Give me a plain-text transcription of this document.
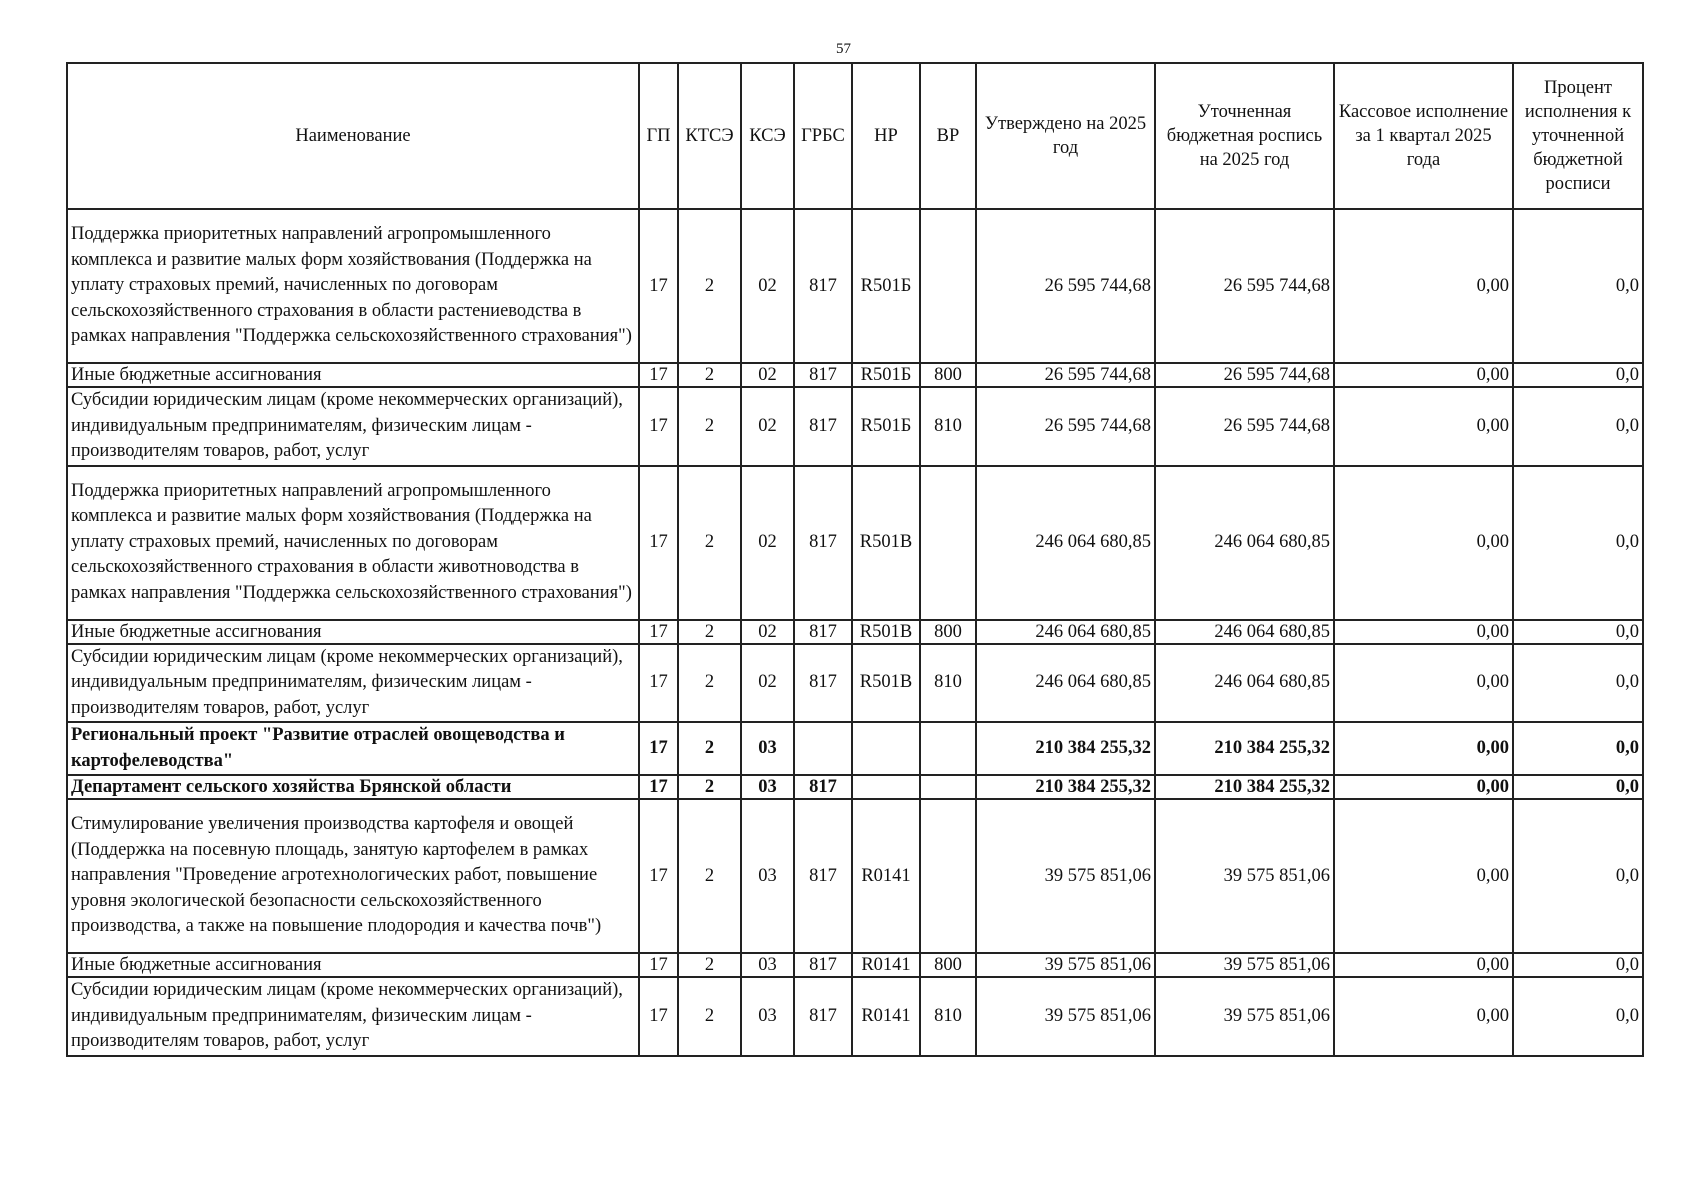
57
Наименование	ГП	КТСЭ	КСЭ	ГРБС	НР	ВР	Утверждено на 2025 год	Уточненная бюджетная роспись на 2025 год	Кассовое исполнение за 1 квартал 2025 года	Процент исполнения к уточненной бюджетной росписи
Поддержка приоритетных направлений агропромышленного комплекса и развитие малых форм хозяйствования (Поддержка на уплату страховых премий, начисленных по договорам сельскохозяйственного страхования в области растениеводства в рамках направления "Поддержка сельскохозяйственного страхования")	17	2	02	817	R501Б		26 595 744,68	26 595 744,68	0,00	0,0
Иные бюджетные ассигнования	17	2	02	817	R501Б	800	26 595 744,68	26 595 744,68	0,00	0,0
Субсидии юридическим лицам (кроме некоммерческих организаций), индивидуальным предпринимателям, физическим лицам - производителям товаров, работ, услуг	17	2	02	817	R501Б	810	26 595 744,68	26 595 744,68	0,00	0,0
Поддержка приоритетных направлений агропромышленного комплекса и развитие малых форм хозяйствования (Поддержка на уплату страховых премий, начисленных по договорам сельскохозяйственного страхования в области животноводства в рамках направления "Поддержка сельскохозяйственного страхования")	17	2	02	817	R501В		246 064 680,85	246 064 680,85	0,00	0,0
Иные бюджетные ассигнования	17	2	02	817	R501В	800	246 064 680,85	246 064 680,85	0,00	0,0
Субсидии юридическим лицам (кроме некоммерческих организаций), индивидуальным предпринимателям, физическим лицам - производителям товаров, работ, услуг	17	2	02	817	R501В	810	246 064 680,85	246 064 680,85	0,00	0,0
Региональный проект "Развитие отраслей овощеводства и картофелеводства"	17	2	03				210 384 255,32	210 384 255,32	0,00	0,0
Департамент сельского хозяйства Брянской области	17	2	03	817			210 384 255,32	210 384 255,32	0,00	0,0
Стимулирование увеличения производства картофеля и овощей (Поддержка на посевную площадь, занятую картофелем в рамках направления "Проведение агротехнологических работ, повышение уровня экологической безопасности сельскохозяйственного производства, а также на повышение плодородия и качества почв")	17	2	03	817	R0141		39 575 851,06	39 575 851,06	0,00	0,0
Иные бюджетные ассигнования	17	2	03	817	R0141	800	39 575 851,06	39 575 851,06	0,00	0,0
Субсидии юридическим лицам (кроме некоммерческих организаций), индивидуальным предпринимателям, физическим лицам - производителям товаров, работ, услуг	17	2	03	817	R0141	810	39 575 851,06	39 575 851,06	0,00	0,0
